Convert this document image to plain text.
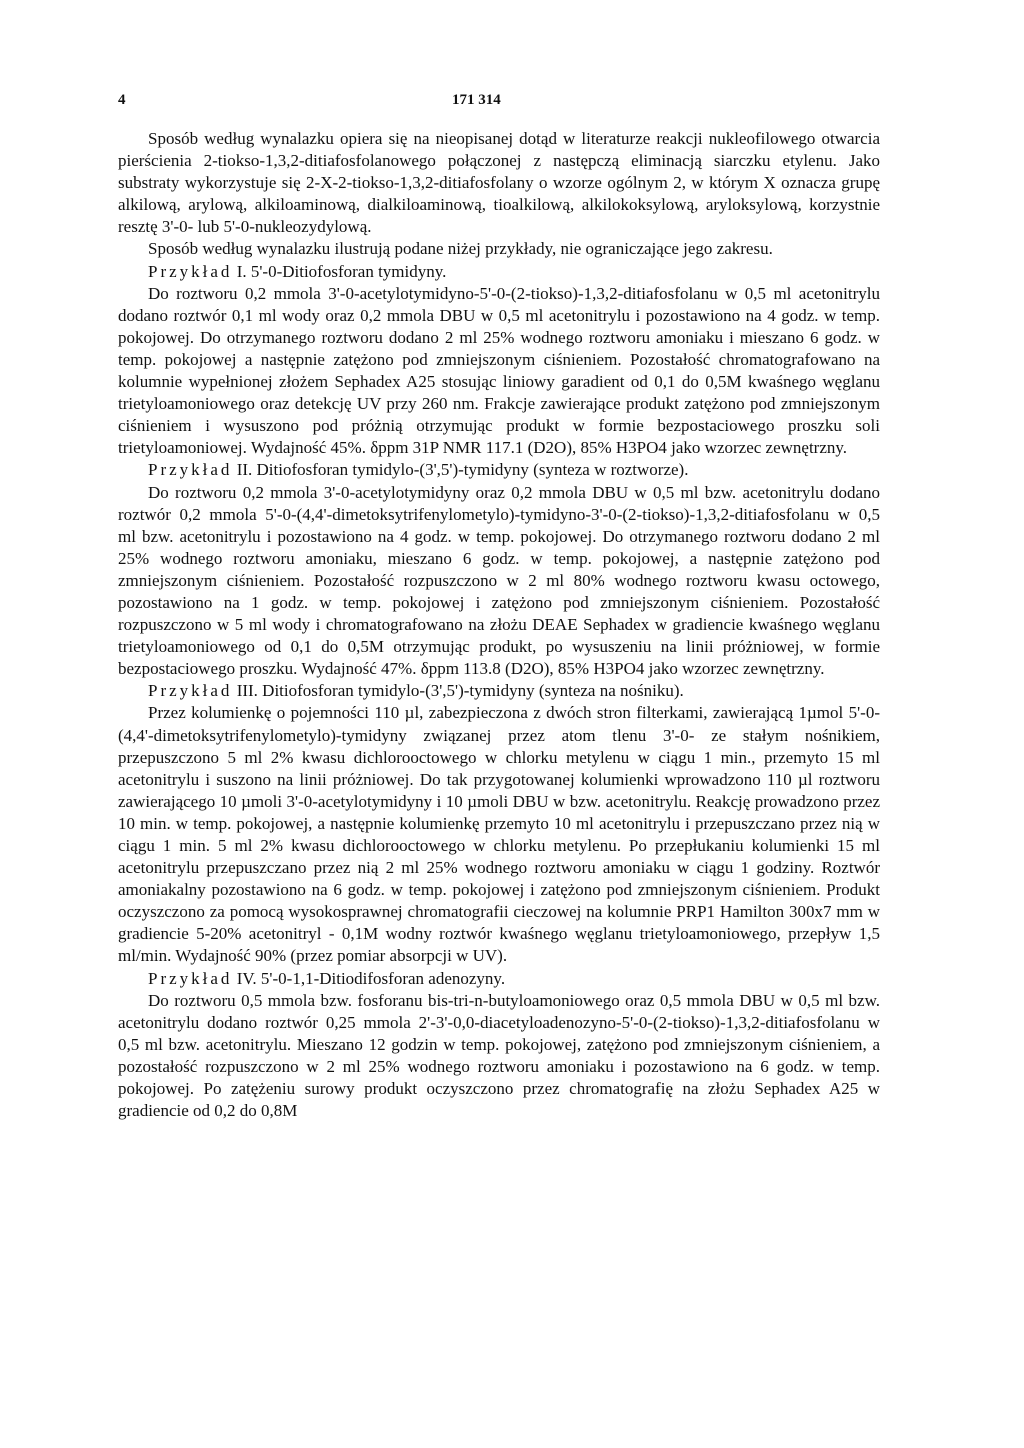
4	171 314

Sposób według wynalazku opiera się na nieopisanej dotąd w literaturze reakcji nukleofilowego otwarcia pierścienia 2-tiokso-1,3,2-ditiafosfolanowego połączonej z następczą eliminacją siarczku etylenu. Jako substraty wykorzystuje się 2-X-2-tiokso-1,3,2-ditiafosfolany o wzorze ogólnym 2, w którym X oznacza grupę alkilową, arylową, alkiloaminową, dialkiloaminową, tioalkilową, alkilokoksylową, aryloksylową, korzystnie resztę 3'-0- lub 5'-0-nukleozydylową.

Sposób według wynalazku ilustrują podane niżej przykłady, nie ograniczające jego zakresu.

Przykład I. 5'-0-Ditiofosforan tymidyny.

Do roztworu 0,2 mmola 3'-0-acetylotymidyno-5'-0-(2-tiokso)-1,3,2-ditiafosfolanu w 0,5 ml acetonitrylu dodano roztwór 0,1 ml wody oraz 0,2 mmola DBU w 0,5 ml acetonitrylu i pozostawiono na 4 godz. w temp. pokojowej. Do otrzymanego roztworu dodano 2 ml 25% wodnego roztworu amoniaku i mieszano 6 godz. w temp. pokojowej a następnie zatężono pod zmniejszonym ciśnieniem. Pozostałość chromatografowano na kolumnie wypełnionej złożem Sephadex A25 stosując liniowy garadient od 0,1 do 0,5M kwaśnego węglanu trietyloamoniowego oraz detekcję UV przy 260 nm. Frakcje zawierające produkt zatężono pod zmniejszonym ciśnieniem i wysuszono pod próżnią otrzymując produkt w formie bezpostaciowego proszku soli trietyloamoniowej. Wydajność 45%. δppm 31P NMR 117.1 (D2O), 85% H3PO4 jako wzorzec zewnętrzny.

Przykład II. Ditiofosforan tymidylo-(3',5')-tymidyny (synteza w roztworze).

Do roztworu 0,2 mmola 3'-0-acetylotymidyny oraz 0,2 mmola DBU w 0,5 ml bzw. acetonitrylu dodano roztwór 0,2 mmola 5'-0-(4,4'-dimetoksytrifenylometylo)-tymidyno-3'-0-(2-tiokso)-1,3,2-ditiafosfolanu w 0,5 ml bzw. acetonitrylu i pozostawiono na 4 godz. w temp. pokojowej. Do otrzymanego roztworu dodano 2 ml 25% wodnego roztworu amoniaku, mieszano 6 godz. w temp. pokojowej, a następnie zatężono pod zmniejszonym ciśnieniem. Pozostałość rozpuszczono w 2 ml 80% wodnego roztworu kwasu octowego, pozostawiono na 1 godz. w temp. pokojowej i zatężono pod zmniejszonym ciśnieniem. Pozostałość rozpuszczono w 5 ml wody i chromatografowano na złożu DEAE Sephadex w gradiencie kwaśnego węglanu trietyloamoniowego od 0,1 do 0,5M otrzymując produkt, po wysuszeniu na linii próżniowej, w formie bezpostaciowego proszku. Wydajność 47%. δppm 113.8 (D2O), 85% H3PO4 jako wzorzec zewnętrzny.

Przykład III. Ditiofosforan tymidylo-(3',5')-tymidyny (synteza na nośniku).

Przez kolumienkę o pojemności 110 µl, zabezpieczona z dwóch stron filterkami, zawierającą 1µmol 5'-0-(4,4'-dimetoksytrifenylometylo)-tymidyny związanej przez atom tlenu 3'-0- ze stałym nośnikiem, przepuszczono 5 ml 2% kwasu dichlorooctowego w chlorku metylenu w ciągu 1 min., przemyto 15 ml acetonitrylu i suszono na linii próżniowej. Do tak przygotowanej kolumienki wprowadzono 110 µl roztworu zawierającego 10 µmoli 3'-0-acetylotymidyny i 10 µmoli DBU w bzw. acetonitrylu. Reakcję prowadzono przez 10 min. w temp. pokojowej, a następnie kolumienkę przemyto 10 ml acetonitrylu i przepuszczano przez nią w ciągu 1 min. 5 ml 2% kwasu dichlorooctowego w chlorku metylenu. Po przepłukaniu kolumienki 15 ml acetonitrylu przepuszczano przez nią 2 ml 25% wodnego roztworu amoniaku w ciągu 1 godziny. Roztwór amoniakalny pozostawiono na 6 godz. w temp. pokojowej i zatężono pod zmniejszonym ciśnieniem. Produkt oczyszczono za pomocą wysokosprawnej chromatografii cieczowej na kolumnie PRP1 Hamilton 300x7 mm w gradiencie 5-20% acetonitryl - 0,1M wodny roztwór kwaśnego węglanu trietyloamoniowego, przepływ 1,5 ml/min. Wydajność 90% (przez pomiar absorpcji w UV).

Przykład IV. 5'-0-1,1-Ditiodifosforan adenozyny.

Do roztworu 0,5 mmola bzw. fosforanu bis-tri-n-butyloamoniowego oraz 0,5 mmola DBU w 0,5 ml bzw. acetonitrylu dodano roztwór 0,25 mmola 2'-3'-0,0-diacetyloadenozyno-5'-0-(2-tiokso)-1,3,2-ditiafosfolanu w 0,5 ml bzw. acetonitrylu. Mieszano 12 godzin w temp. pokojowej, zatężono pod zmniejszonym ciśnieniem, a pozostałość rozpuszczono w 2 ml 25% wodnego roztworu amoniaku i pozostawiono na 6 godz. w temp. pokojowej. Po zatężeniu surowy produkt oczyszczono przez chromatografię na złożu Sephadex A25 w gradiencie od 0,2 do 0,8M
